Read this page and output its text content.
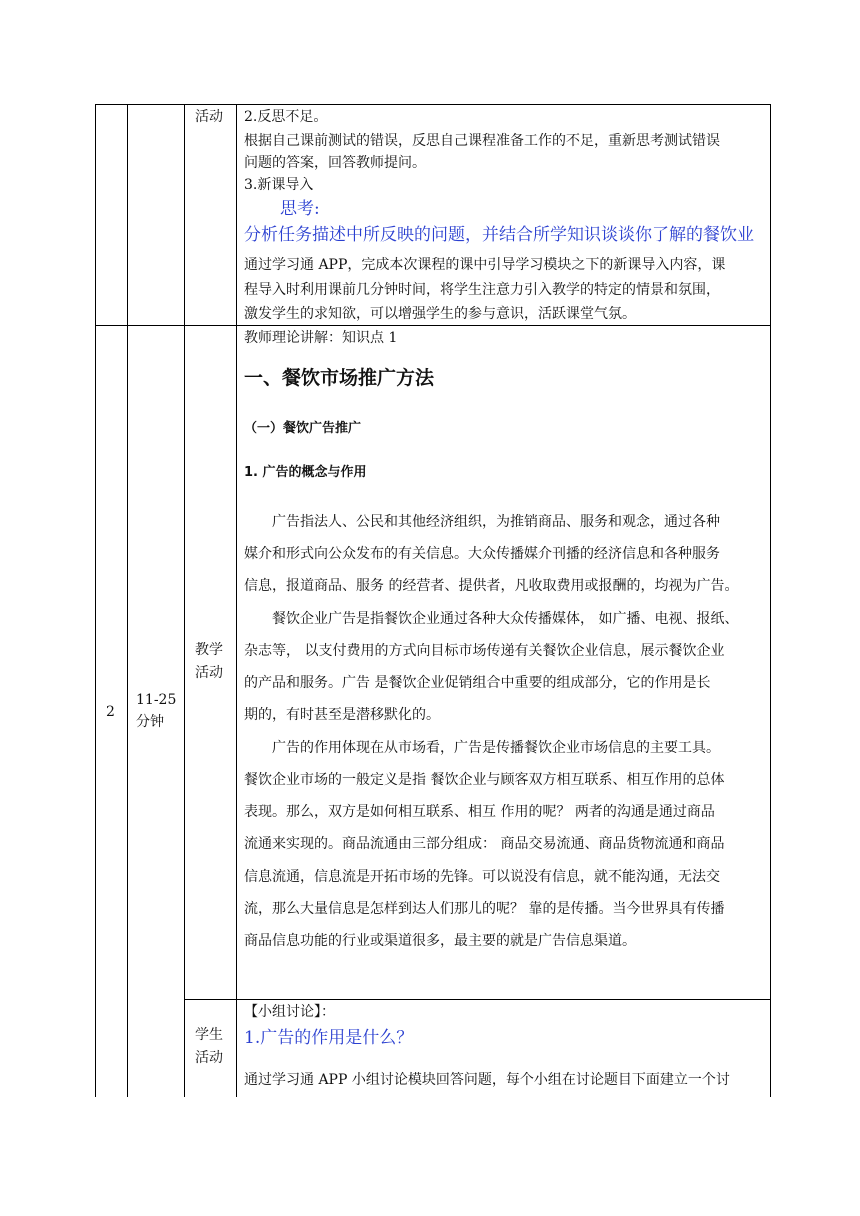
活动 2.反思不足。
根据自己课前测试的错误，反思自己课程准备工作的不足，重新思考测试错误
问题的答案，回答教师提问。
3.新课导入
思考:
分析任务描述中所反映的问题，并结合所学知识谈谈你了解的餐饮业
通过学习通 APP，完成本次课程的课中引导学习模块之下的新课导入内容，课
程导入时利用课前几分钟时间，将学生注意力引入教学的特定的情景和氛围，
激发学生的求知欲，可以增强学生的参与意识，活跃课堂气氛。
2
11-25
分钟
教学
活动
教师理论讲解：知识点 1
一、餐饮市场推广方法
（一）餐饮广告推广
1. 广告的概念与作用
广告指法人、公民和其他经济组织，为推销商品、服务和观念，通过各种
媒介和形式向公众发布的有关信息。大众传播媒介刊播的经济信息和各种服务
信息，报道商品、服务 的经营者、提供者，凡收取费用或报酬的，均视为广告。
餐饮企业广告是指餐饮企业通过各种大众传播媒体， 如广播、电视、报纸、
杂志等， 以支付费用的方式向目标市场传递有关餐饮企业信息，展示餐饮企业
的产品和服务。广告 是餐饮企业促销组合中重要的组成部分，它的作用是长
期的，有时甚至是潜移默化的。
广告的作用体现在从市场看，广告是传播餐饮企业市场信息的主要工具。
餐饮企业市场的一般定义是指 餐饮企业与顾客双方相互联系、相互作用的总体
表现。那么，双方是如何相互联系、相互 作用的呢？ 两者的沟通是通过商品
流通来实现的。商品流通由三部分组成： 商品交易流通、商品货物流通和商品
信息流通，信息流是开拓市场的先锋。可以说没有信息，就不能沟通，无法交
流，那么大量信息是怎样到达人们那儿的呢？ 靠的是传播。当今世界具有传播
商品信息功能的行业或渠道很多，最主要的就是广告信息渠道。
学生
活动
【小组讨论】：
1.广告的作用是什么？
通过学习通 APP 小组讨论模块回答问题，每个小组在讨论题目下面建立一个讨
